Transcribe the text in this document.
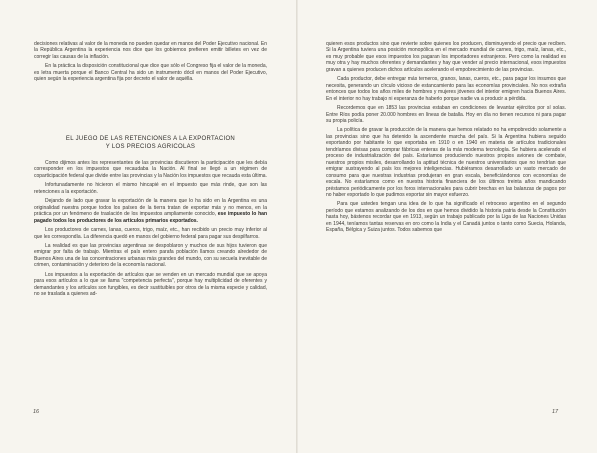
decisiones relativas al valor de la moneda no pueden quedar en manos del Poder Ejecutivo nacional. En la República Argentina la experiencia nos dice que los gobiernos prefieren emitir billetes en vez de corregir las causas de la inflación.

En la práctica la disposición constitucional que dice que sólo el Congreso fija el valor de la moneda, es letra muerta porque el Banco Central ha sido un instrumento dócil en manos del Poder Ejecutivo, quien según la experiencia argentina fija por decreto el valor de aquélla.

EL JUEGO DE LAS RETENCIONES A LA EXPORTACION
Y LOS PRECIOS AGRICOLAS

Como dijimos antes los representantes de las provincias discutieron la participación que les debía corresponder en los impuestos que recaudaba la Nación. Al final se llegó a un régimen de coparticipación federal que divide entre las provincias y la Nación los impuestos que recauda esta última.

Infortunadamente no hicieron el mismo hincapié en el impuesto que más rinde, que son las retenciones a la exportación.

Dejando de lado que gravar la exportación de la manera que lo ha sido en la Argentina es una originalidad nuestra porque todos los países de la tierra tratan de exportar más y no menos, en la práctica por un fenómeno de traslación de los impuestos ampliamente conocido, ese impuesto lo han pagado todos los productores de los artículos primarios exportados.

Los productores de carnes, lanas, cueros, trigo, maíz, etc., han recibido un precio muy inferior al que les correspondía. La diferencia quedó en manos del gobierno federal para pagar sus despilfarros.

La realidad es que las provincias argentinas se despoblaron y muchos de sus hijos tuvieron que emigrar por falta de trabajo. Mientras el país entero parafa población llamos creando alrededor de Buenos Aires una de las concentraciones urbanas más grandes del mundo, con su secuela inevitable de crimen, contaminación y deterioro de la economía nacional.

Los impuestos a la exportación de artículos que se venden en un mercado mundial que se apoya para esos artículos a lo que se llama "competencia perfecta", porque hay multiplicidad de oferentes y demandantes y los artículos son fungibles, es decir sustituibles por otros de la misma especie y calidad, no se traslada a quienes ad-

16

quieren esos productos sino que revierte sobre quienes los producen, disminuyendo el precio que reciben. Si la Argentina tuviera una posición monopólica en el mercado mundial de carnes, trigo, maíz, lanas, etc., es muy probable que esos impuestos los pagaran los importadores extranjeros. Pero como la realidad es muy otra y hay muchos oferentes y demandantes y hay que vender al precio internacional, esos impuestos gravan a quienes producen dichos artículos acelerando el empobrecimiento de las provincias.

Cada productor, debe entregar más terneros, granos, lanas, cueros, etc., para pagar los insumos que necesita, generando un círculo vicioso de estancamiento para las economías provinciales. No nos extraña entonces que todos los años miles de hombres y mujeres jóvenes del interior emigren hacia Buenos Aires. En el interior no hay trabajo ni esperanza de haberlo porque nadie va a producir a pérdida.

Recordemos que en 1853 las provincias estaban en condiciones de levantar ejércitos por sí solas. Entre Ríos podía poner 20.000 hombres en líneas de batalla. Hoy en día no tienen recursos ni para pagar su propia policía.

La política de gravar la producción de la manera que hemos relatado no ha empobrecido solamente a las provincias sino que ha detenido la ascendente marcha del país. Si la Argentina hubiera seguido exportando por habitante lo que exportaba en 1910 o en 1940 en materia de artículos tradicionales tendríamos divisas para comprar fábricas enteras de la más moderna tecnología. Se hubiera acelerado el proceso de industrialización del país. Estaríamos produciendo nuestros propios aviones de combate, nuestros propios misiles, desarrollando la aptitud técnica de nuestros universitarios que no tendrían que emigrar sustrayendo al país los mejores inteligencias. Hubiéramos desarrollado un vasto mercado de consumo para que nuestras industrias produjeran en gran escala, beneficiándonos con economías de escala. No estaríamos como en nuestra historia financiera de los últimos treinta años mandicando préstamos periódicamente por los foros internacionales para cubrir brechas en las balanzas de pagos por no haber exportado lo que pudimos exportar sin mayor esfuerzo.

Para que ustedes tengan una idea de lo que ha significado el retroceso argentino en el segundo período que estamos analizando de los dos en que hemos dividido la historia patria desde la Constitución hasta hoy, bástenos recordar que en 1913, según un trabajo publicado por la Liga de las Naciones Unidas en 1944, teníamos tantas reservas en oro como la India y el Canadá juntos o tanto como Suecia, Holanda, España, Bélgica y Suiza juntos. Todos sabemos que

17
